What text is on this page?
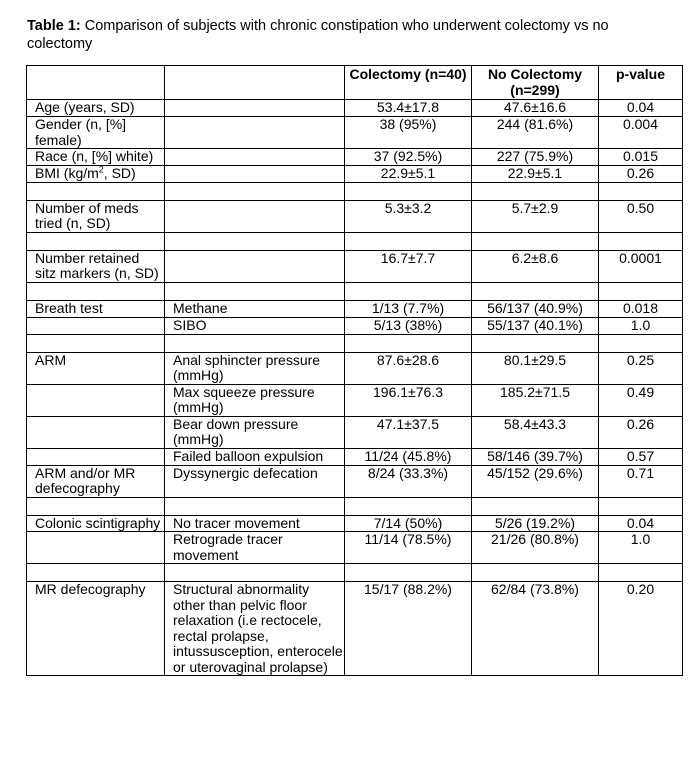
Table 1: Comparison of subjects with chronic constipation who underwent colectomy vs no colectomy
		Colectomy (n=40)	No Colectomy (n=299)	p-value
Age (years, SD)		53.4±17.8	47.6±16.6	0.04
Gender (n, [%] female)		38 (95%)	244 (81.6%)	0.004
Race (n, [%] white)		37 (92.5%)	227 (75.9%)	0.015
BMI ($kg/m^2$, SD)		22.9±5.1	22.9±5.1	0.26

Number of meds tried (n, SD)		5.3±3.2	5.7±2.9	0.50

Number retained sitz markers (n, SD)		16.7±7.7	6.2±8.6	0.0001

Breath test	Methane	1/13 (7.7%)	56/137 (40.9%)	0.018
	SIBO	5/13 (38%)	55/137 (40.1%)	1.0

ARM	Anal sphincter pressure (mmHg)	87.6±28.6	80.1±29.5	0.25
	Max squeeze pressure (mmHg)	196.1±76.3	185.2±71.5	0.49
	Bear down pressure (mmHg)	47.1±37.5	58.4±43.3	0.26
	Failed balloon expulsion	11/24 (45.8%)	58/146 (39.7%)	0.57
ARM and/or MR defecography	Dyssynergic defecation	8/24 (33.3%)	45/152 (29.6%)	0.71

Colonic scintigraphy	No tracer movement	7/14 (50%)	5/26 (19.2%)	0.04
	Retrograde tracer movement	11/14 (78.5%)	21/26 (80.8%)	1.0

MR defecography	Structural abnormality other than pelvic floor relaxation (i.e rectocele, rectal prolapse, intussusception, enterocele or uterovaginal prolapse)	15/17 (88.2%)	62/84 (73.8%)	0.20
